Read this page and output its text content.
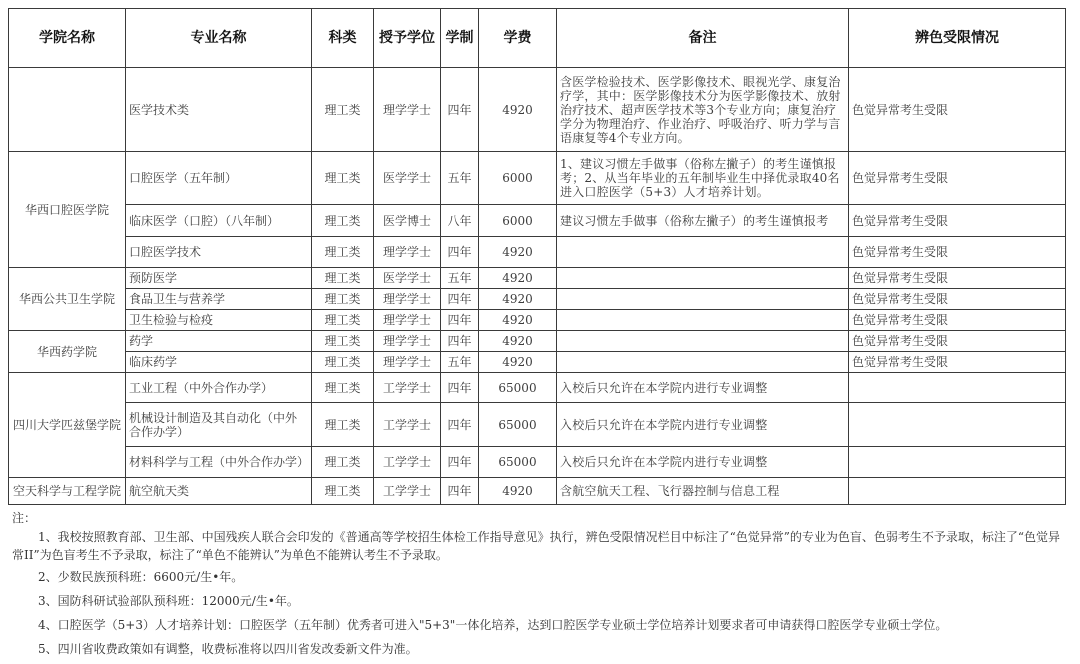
学院名称	专业名称	科类	授予学位	学制	学费	备注	辨色受限情况
	医学技术类	理工类	理学学士	四年	4920	含医学检验技术、医学影像技术、眼视光学、康复治疗学，其中：医学影像技术分为医学影像技术、放射治疗技术、超声医学技术等3个专业方向；康复治疗学分为物理治疗、作业治疗、呼吸治疗、听力学与言语康复等4个专业方向。	色觉异常考生受限
华西口腔医学院	口腔医学（五年制）	理工类	医学学士	五年	6000	1、建议习惯左手做事（俗称左撇子）的考生谨慎报考；2、从当年毕业的五年制毕业生中择优录取40名进入口腔医学（5+3）人才培养计划。	色觉异常考生受限
	临床医学（口腔）（八年制）	理工类	医学博士	八年	6000	建议习惯左手做事（俗称左撇子）的考生谨慎报考	色觉异常考生受限
	口腔医学技术	理工类	理学学士	四年	4920		色觉异常考生受限
华西公共卫生学院	预防医学	理工类	医学学士	五年	4920		色觉异常考生受限
	食品卫生与营养学	理工类	理学学士	四年	4920		色觉异常考生受限
	卫生检验与检疫	理工类	理学学士	四年	4920		色觉异常考生受限
华西药学院	药学	理工类	理学学士	四年	4920		色觉异常考生受限
	临床药学	理工类	理学学士	五年	4920		色觉异常考生受限
四川大学匹兹堡学院	工业工程（中外合作办学）	理工类	工学学士	四年	65000	入校后只允许在本学院内进行专业调整	
	机械设计制造及其自动化（中外合作办学）	理工类	工学学士	四年	65000	入校后只允许在本学院内进行专业调整	
	材料科学与工程（中外合作办学）	理工类	工学学士	四年	65000	入校后只允许在本学院内进行专业调整	
空天科学与工程学院	航空航天类	理工类	工学学士	四年	4920	含航空航天工程、飞行器控制与信息工程	
注：
1、我校按照教育部、卫生部、中国残疾人联合会印发的《普通高等学校招生体检工作指导意见》执行，辨色受限情况栏目中标注了“色觉异常”的专业为色盲、色弱考生不予录取，标注了“色觉异常II”为色盲考生不予录取，标注了“单色不能辨认”为单色不能辨认考生不予录取。
2、少数民族预科班：6600元/生•年。
3、国防科研试验部队预科班：12000元/生•年。
4、口腔医学（5+3）人才培养计划：口腔医学（五年制）优秀者可进入"5+3"一体化培养，达到口腔医学专业硕士学位培养计划要求者可申请获得口腔医学专业硕士学位。
5、四川省收费政策如有调整，收费标准将以四川省发改委新文件为准。
